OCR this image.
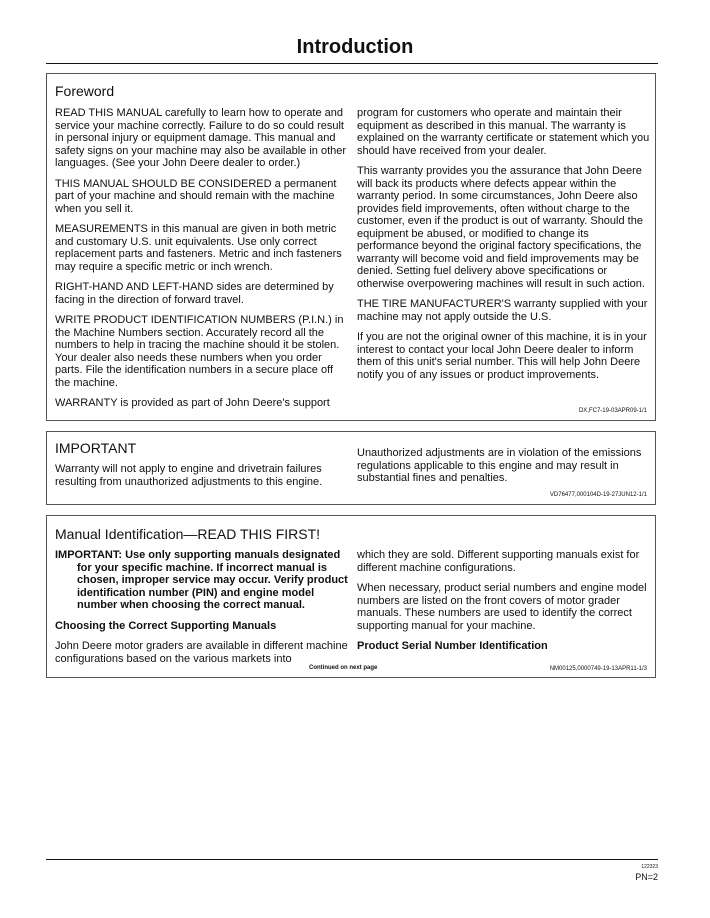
Introduction
Foreword

READ THIS MANUAL carefully to learn how to operate and service your machine correctly. Failure to do so could result in personal injury or equipment damage. This manual and safety signs on your machine may also be available in other languages. (See your John Deere dealer to order.)

THIS MANUAL SHOULD BE CONSIDERED a permanent part of your machine and should remain with the machine when you sell it.

MEASUREMENTS in this manual are given in both metric and customary U.S. unit equivalents. Use only correct replacement parts and fasteners. Metric and inch fasteners may require a specific metric or inch wrench.

RIGHT-HAND AND LEFT-HAND sides are determined by facing in the direction of forward travel.

WRITE PRODUCT IDENTIFICATION NUMBERS (P.I.N.) in the Machine Numbers section. Accurately record all the numbers to help in tracing the machine should it be stolen. Your dealer also needs these numbers when you order parts. File the identification numbers in a secure place off the machine.

WARRANTY is provided as part of John Deere's support

program for customers who operate and maintain their equipment as described in this manual. The warranty is explained on the warranty certificate or statement which you should have received from your dealer.

This warranty provides you the assurance that John Deere will back its products where defects appear within the warranty period. In some circumstances, John Deere also provides field improvements, often without charge to the customer, even if the product is out of warranty. Should the equipment be abused, or modified to change its performance beyond the original factory specifications, the warranty will become void and field improvements may be denied. Setting fuel delivery above specifications or otherwise overpowering machines will result in such action.

THE TIRE MANUFACTURER'S warranty supplied with your machine may not apply outside the U.S.

If you are not the original owner of this machine, it is in your interest to contact your local John Deere dealer to inform them of this unit's serial number. This will help John Deere notify you of any issues or product improvements.

DX,FC7-19-03APR09-1/1
IMPORTANT

Warranty will not apply to engine and drivetrain failures resulting from unauthorized adjustments to this engine.

Unauthorized adjustments are in violation of the emissions regulations applicable to this engine and may result in substantial fines and penalties.

VD76477,000104D-19-27JUN12-1/1
Manual Identification—READ THIS FIRST!

IMPORTANT: Use only supporting manuals designated for your specific machine. If incorrect manual is chosen, improper service may occur. Verify product identification number (PIN) and engine model number when choosing the correct manual.

Choosing the Correct Supporting Manuals

John Deere motor graders are available in different machine configurations based on the various markets into

which they are sold. Different supporting manuals exist for different machine configurations.

When necessary, product serial numbers and engine model numbers are listed on the front covers of motor grader manuals. These numbers are used to identify the correct supporting manual for your machine.

Product Serial Number Identification

Continued on next page	NM00125,0000749-19-13APR11-1/3
122323
PN=2
